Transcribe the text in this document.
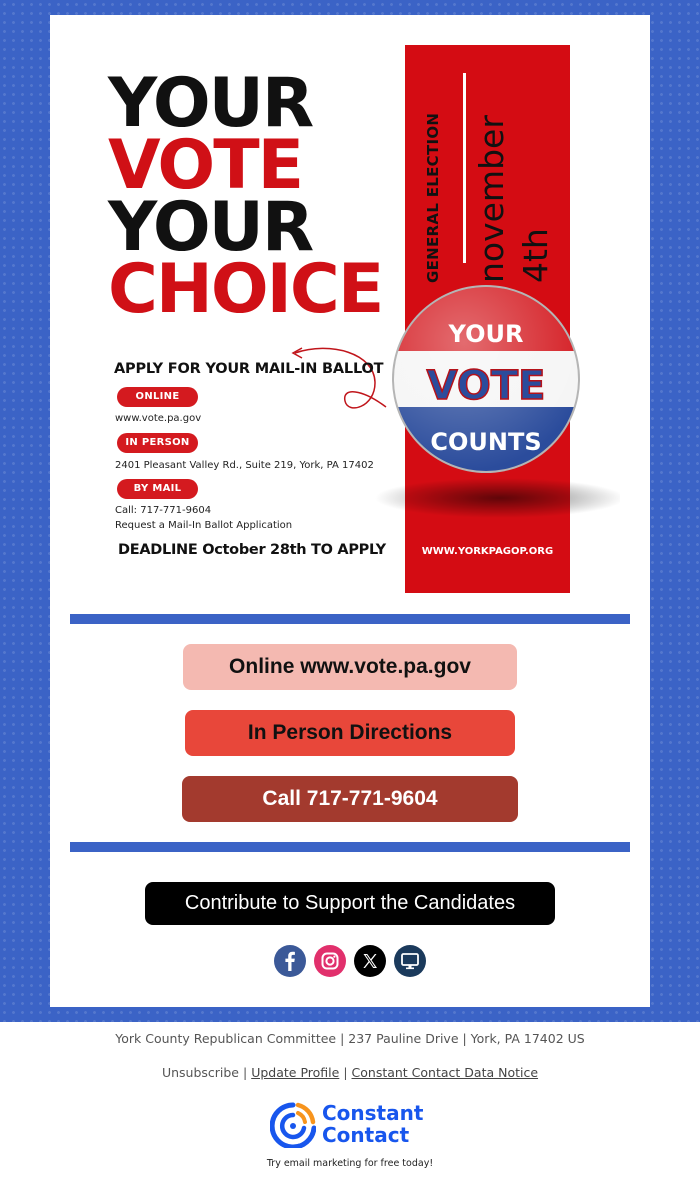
YOUR
VOTE
YOUR
CHOICE
APPLY FOR YOUR MAIL-IN BALLOT
ONLINE
www.vote.pa.gov
IN PERSON
2401 Pleasant Valley Rd., Suite 219, York, PA 17402
BY MAIL
Call: 717-771-9604
Request a Mail-In Ballot Application
DEADLINE October 28th TO APPLY
GENERAL ELECTION november 4th
YOUR
VOTE
COUNTS
WWW.YORKPAGOP.ORG
Online www.vote.pa.gov
In Person Directions
Call 717-771-9604
Contribute to Support the Candidates
York County Republican Committee | 237 Pauline Drive | York, PA 17402 US
Unsubscribe | Update Profile | Constant Contact Data Notice
Constant
Contact
Try email marketing for free today!
